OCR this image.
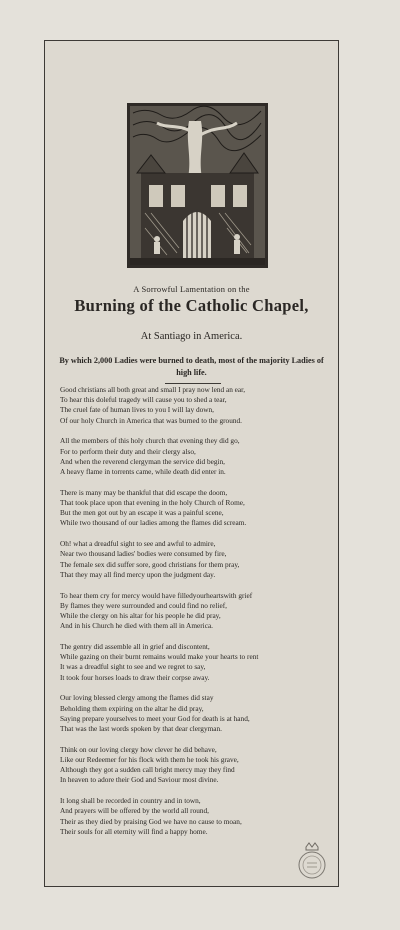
A Sorrowful Lamentation on the
Burning of the Catholic Chapel,
At Santiago in America.
By which 2,000 Ladies were burned to death, most of the majority Ladies of high life.
Good christians all both great and small I pray now lend an ear,
To hear this doleful tragedy will cause you to shed a tear,
The cruel fate of human lives to you I will lay down,
Of our holy Church in America that was burned to the ground.
All the members of this holy church that evening they did go,
For to perform their duty and their clergy also,
And when the reverend clergyman the service did begin,
A heavy flame in torrents came, while death did enter in.
There is many may be thankful that did escape the doom,
That took place upon that evening in the holy Church of Rome,
But the men got out by an escape it was a painful scene,
While two thousand of our ladies among the flames did scream.
Oh! what a dreadful sight to see and awful to admire,
Near two thousand ladies' bodies were consumed by fire,
The female sex did suffer sore, good christians for them pray,
That they may all find mercy upon the judgment day.
To hear them cry for mercy would have filledyourheartswith grief
By flames they were surrounded and could find no relief,
While the clergy on his altar for his people he did pray,
And in his Church he died with them all in America.
The gentry did assemble all in grief and discontent,
While gazing on their burnt remains would make your hearts to rent
It was a dreadful sight to see and we regret to say,
It took four horses loads to draw their corpse away.
Our loving blessed clergy among the flames did stay
Beholding them expiring on the altar he did pray,
Saying prepare yourselves to meet your God for death is at hand,
That was the last words spoken by that dear clergyman.
Think on our loving clergy how clever he did behave,
Like our Redeemer for his flock with them he took his grave,
Although they got a sudden call bright mercy may they find
In heaven to adore their God and Saviour most divine.
It long shall be recorded in country and in town,
And prayers will be offered by the world all round,
Their as they died by praising God we have no cause to moan,
Their souls for all eternity will find a happy home.
